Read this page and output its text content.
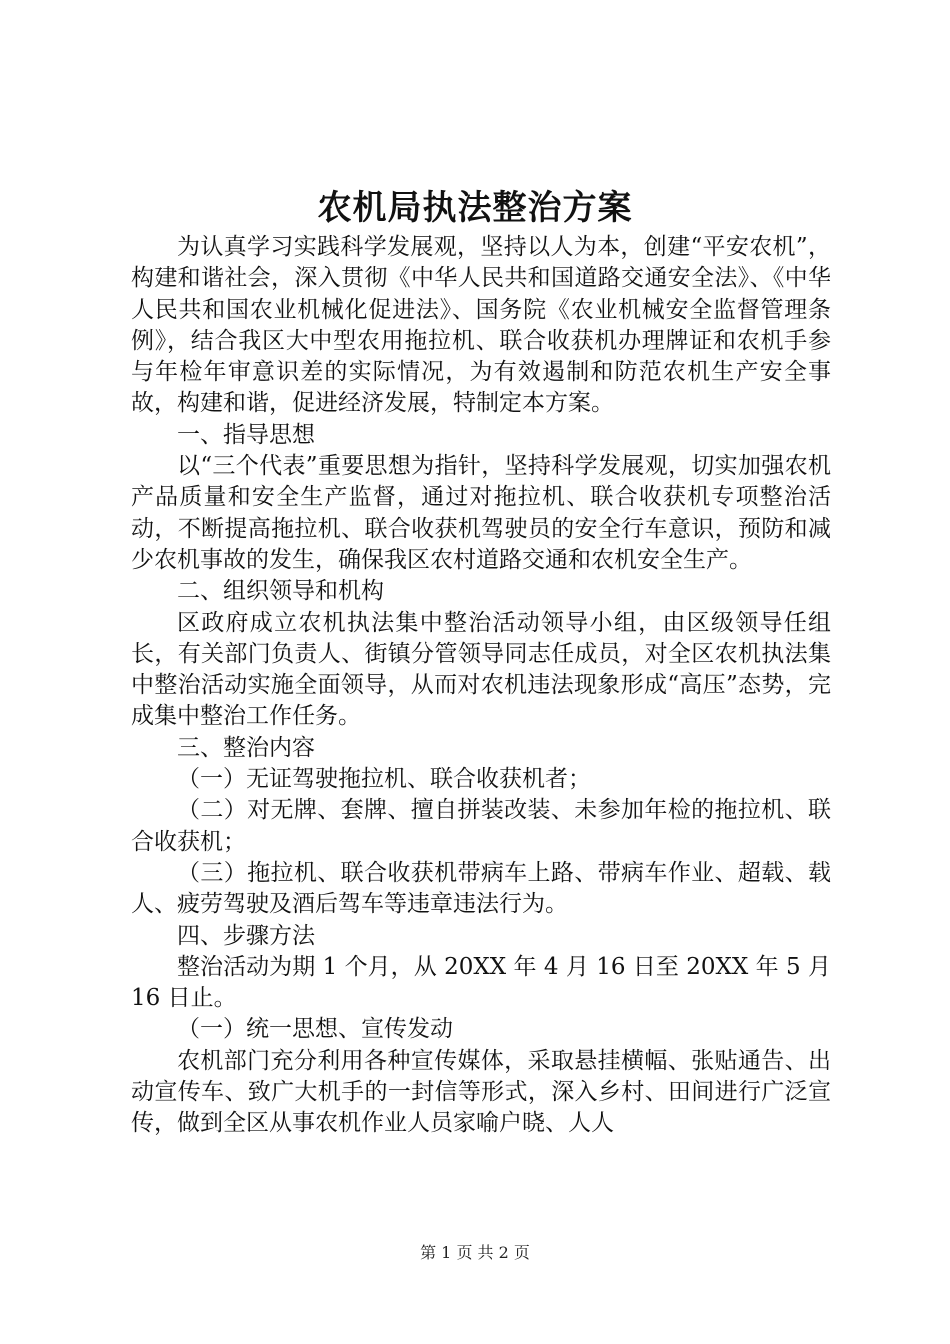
农机局执法整治方案

为认真学习实践科学发展观，坚持以人为本，创建“平安农机”，构建和谐社会，深入贯彻《中华人民共和国道路交通安全法》、《中华人民共和国农业机械化促进法》、国务院《农业机械安全监督管理条例》，结合我区大中型农用拖拉机、联合收获机办理牌证和农机手参与年检年审意识差的实际情况，为有效遏制和防范农机生产安全事故，构建和谐，促进经济发展，特制定本方案。

一、指导思想

以“三个代表”重要思想为指针，坚持科学发展观，切实加强农机产品质量和安全生产监督，通过对拖拉机、联合收获机专项整治活动，不断提高拖拉机、联合收获机驾驶员的安全行车意识，预防和减少农机事故的发生，确保我区农村道路交通和农机安全生产。

二、组织领导和机构

区政府成立农机执法集中整治活动领导小组，由区级领导任组长，有关部门负责人、街镇分管领导同志任成员，对全区农机执法集中整治活动实施全面领导，从而对农机违法现象形成“高压”态势，完成集中整治工作任务。

三、整治内容

（一）无证驾驶拖拉机、联合收获机者；

（二）对无牌、套牌、擅自拼装改装、未参加年检的拖拉机、联合收获机；

（三）拖拉机、联合收获机带病车上路、带病车作业、超载、载人、疲劳驾驶及酒后驾车等违章违法行为。

四、步骤方法

整治活动为期 1 个月，从 20XX 年 4 月 16 日至 20XX 年 5 月 16 日止。

（一）统一思想、宣传发动

农机部门充分利用各种宣传媒体，采取悬挂横幅、张贴通告、出动宣传车、致广大机手的一封信等形式，深入乡村、田间进行广泛宣传，做到全区从事农机作业人员家喻户晓、人人

第 1 页 共 2 页
